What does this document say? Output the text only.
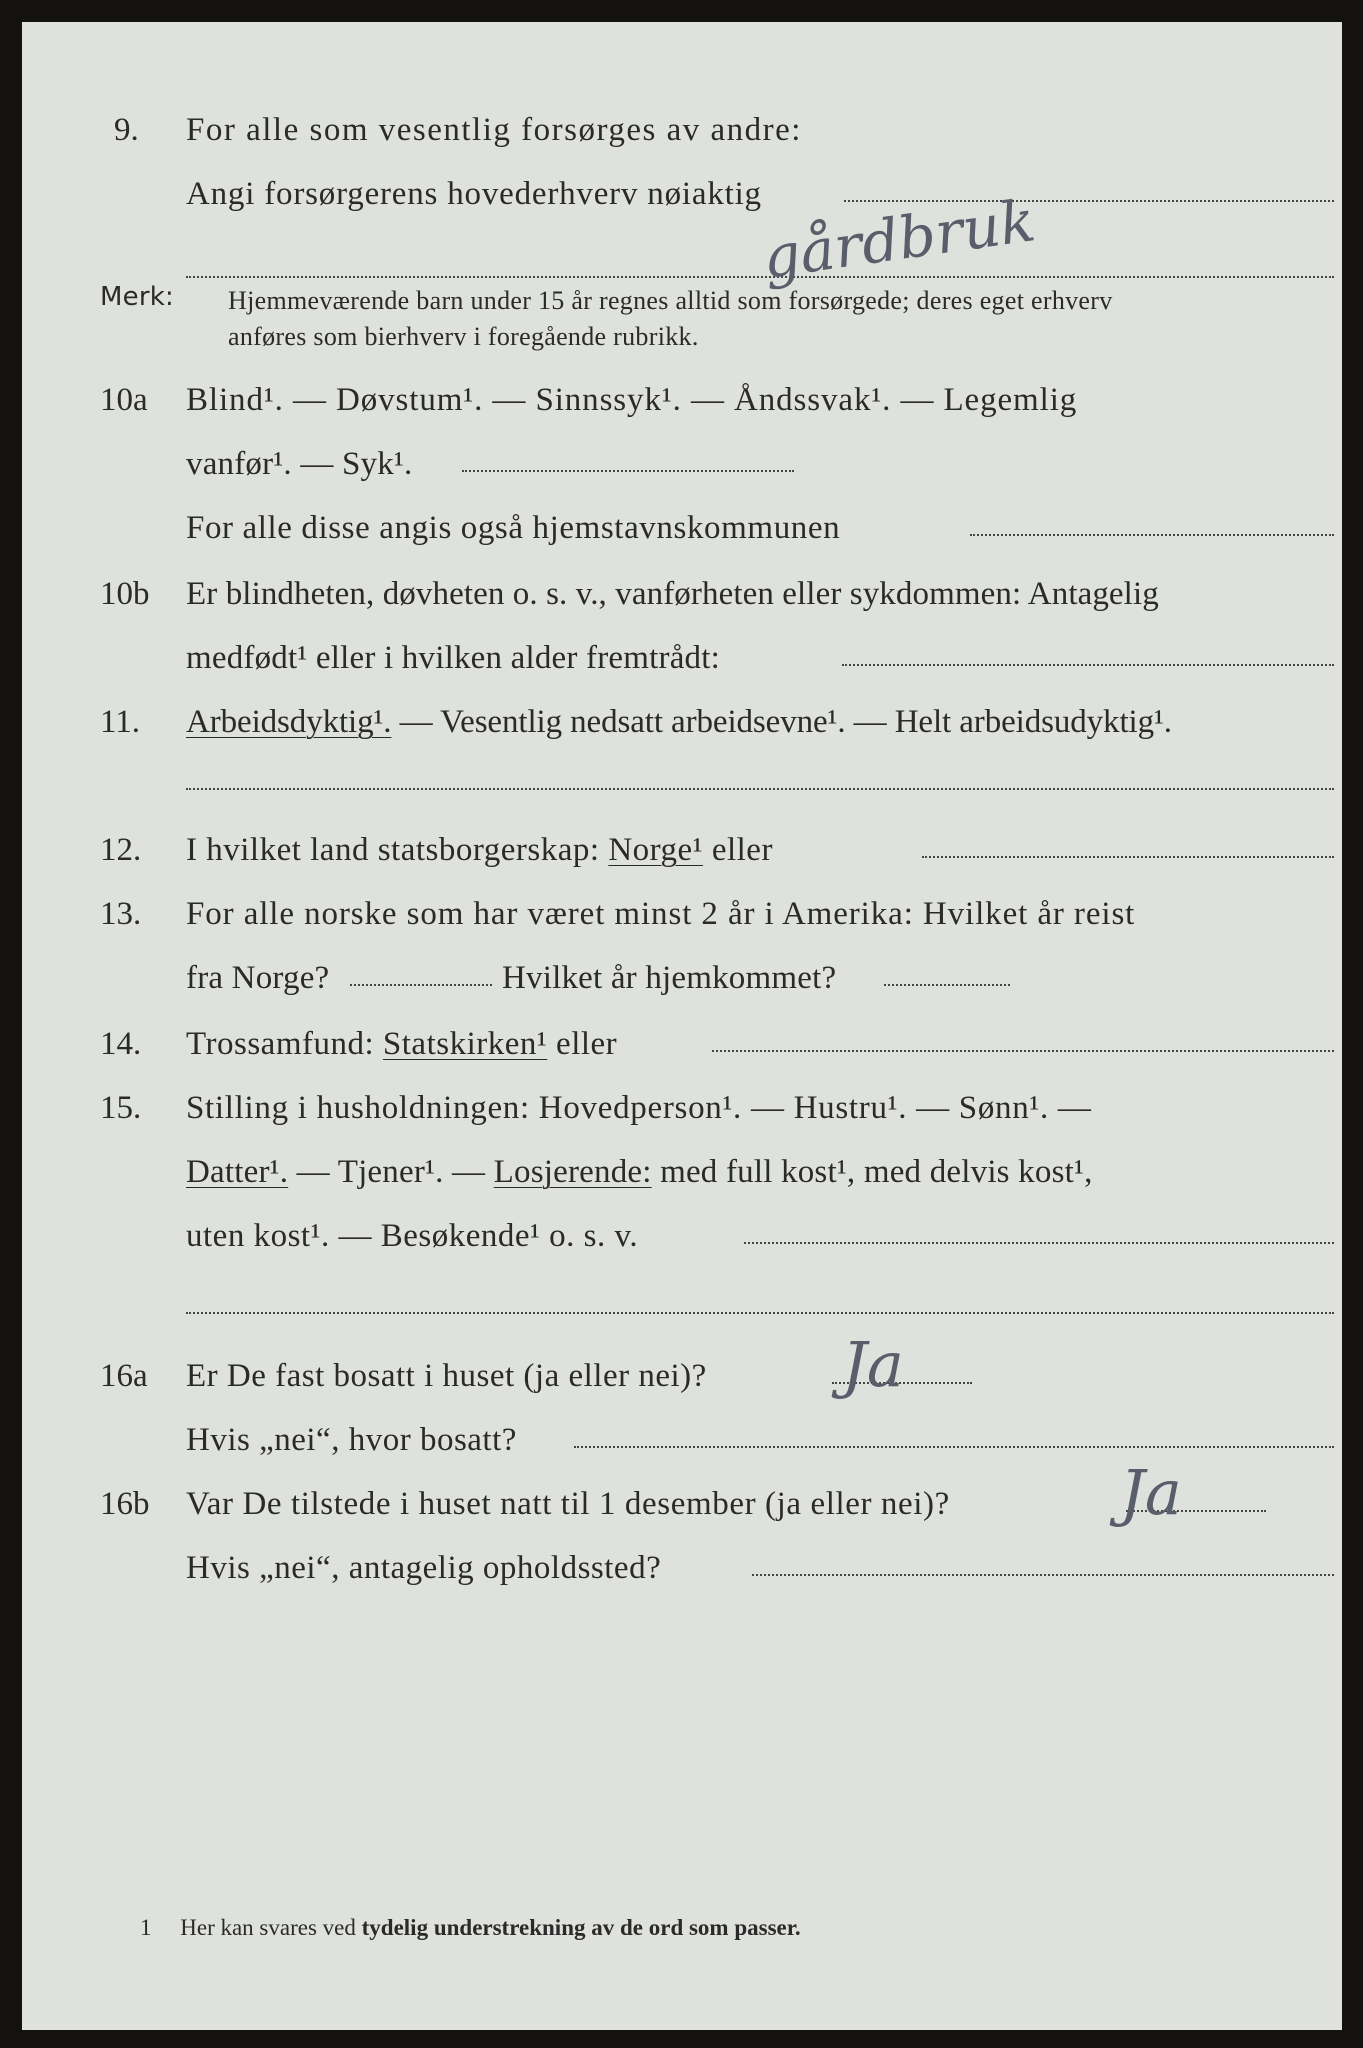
9. For alle som vesentlig forsørges av andre:
Angi forsørgerens hovederhverv nøiaktig
gårdbruk
Merk: Hjemmeværende barn under 15 år regnes alltid som forsørgede; deres eget erhverv
anføres som bierhverv i foregående rubrikk.
10a Blind¹. — Døvstum¹. — Sinnssyk¹. — Åndssvak¹. — Legemlig
vanfør¹. — Syk¹.
For alle disse angis også hjemstavnskommunen
10b Er blindheten, døvheten o. s. v., vanførheten eller sykdommen: Antagelig
medfødt¹ eller i hvilken alder fremtrådt:
11. Arbeidsdyktig¹. — Vesentlig nedsatt arbeidsevne¹. — Helt arbeidsudyktig¹.
12. I hvilket land statsborgerskap: Norge¹ eller
13. For alle norske som har været minst 2 år i Amerika: Hvilket år reist
fra Norge?	Hvilket år hjemkommet?
14. Trossamfund: Statskirken¹ eller
15. Stilling i husholdningen: Hovedperson¹. — Hustru¹. — Sønn¹. —
Datter¹. — Tjener¹. — Losjerende: med full kost¹, med delvis kost¹,
uten kost¹. — Besøkende¹ o. s. v.
16a Er De fast bosatt i huset (ja eller nei)? Ja
Hvis „nei“, hvor bosatt?
16b Var De tilstede i huset natt til 1 desember (ja eller nei)?	Ja
Hvis „nei“, antagelig opholdssted?
1 Her kan svares ved tydelig understrekning av de ord som passer.
